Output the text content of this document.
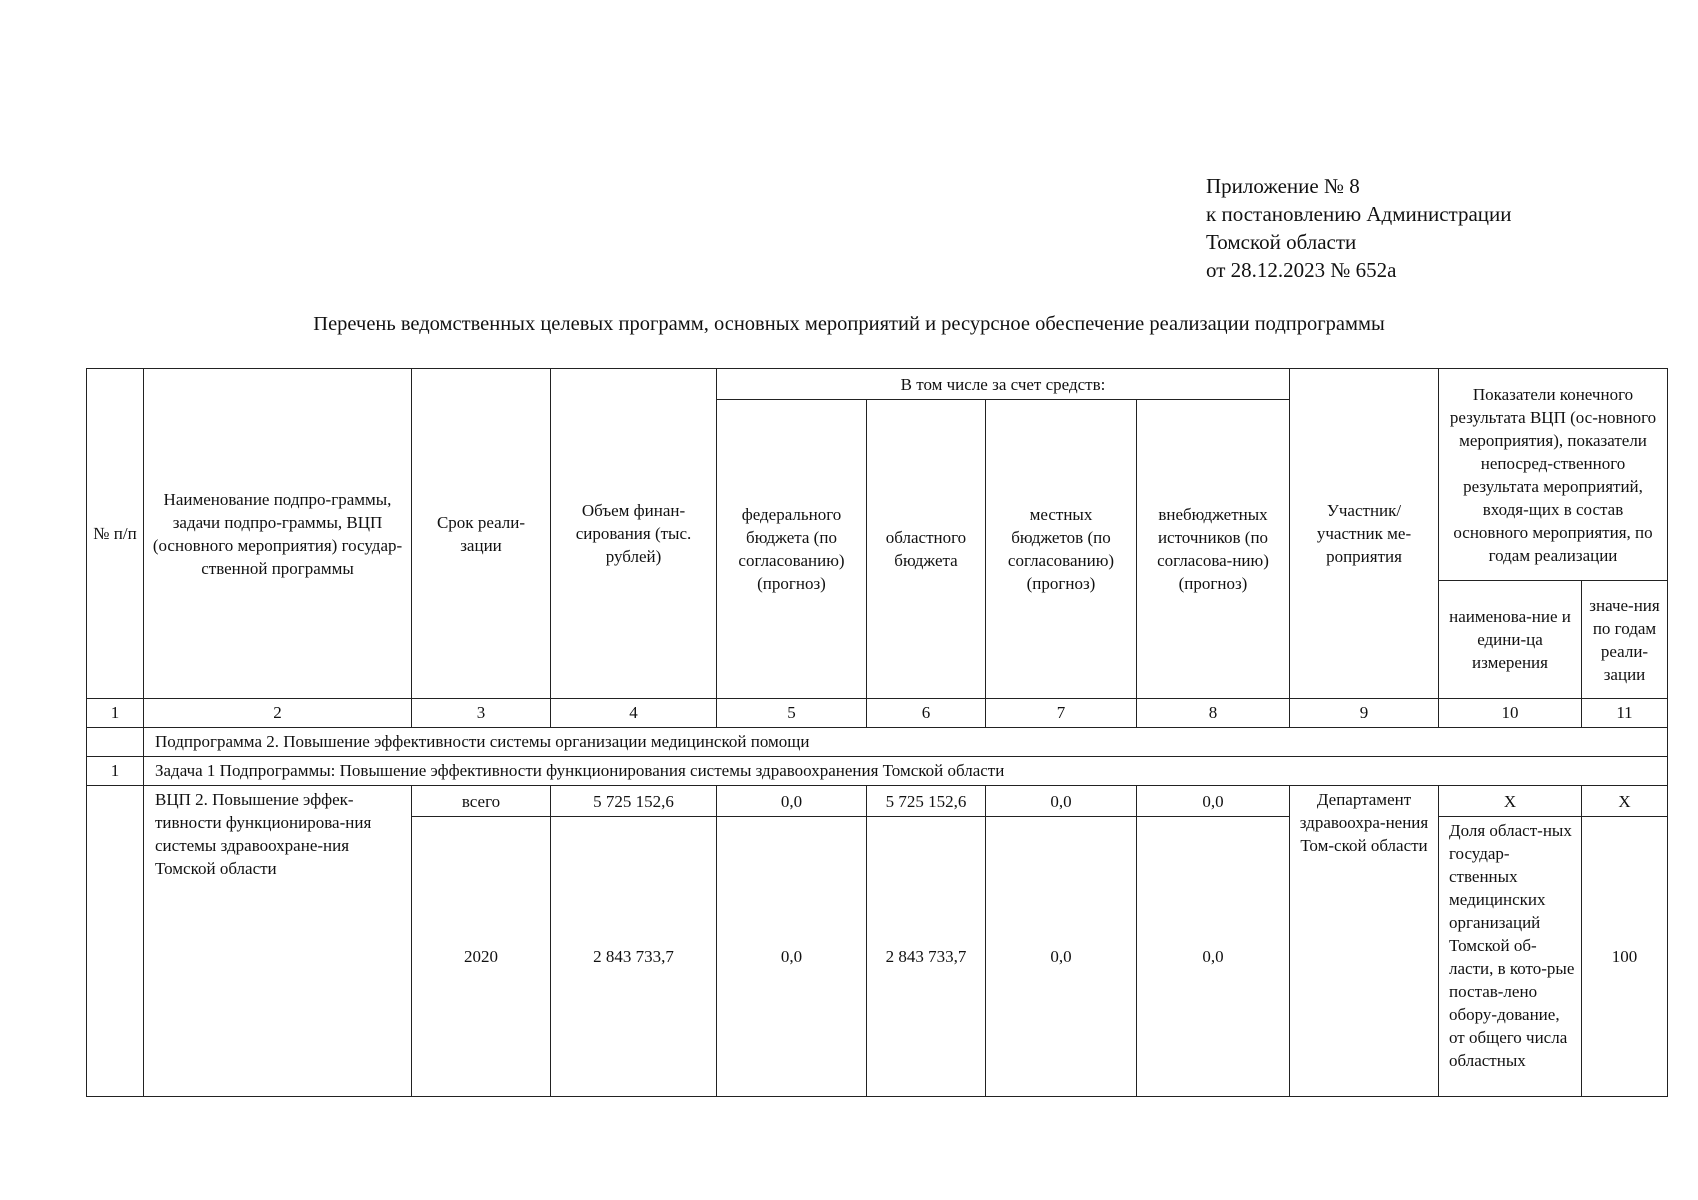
Приложение № 8
к постановлению Администрации
Томской области
от 28.12.2023 № 652а
Перечень ведомственных целевых программ, основных мероприятий и ресурсное обеспечение реализации подпрограммы
№ п/п	Наименование подпро-граммы, задачи подпро-граммы, ВЦП (основного мероприятия) государ-ственной программы	Срок реали-зации	Объем финан-сирования (тыс. рублей)	В том числе за счет средств:				Участник/ участник ме-роприятия	Показатели конечного результата ВЦП (ос-новного мероприятия), показатели непосред-ственного результата мероприятий, входя-щих в состав основного мероприятия, по годам реализации	
				федерального бюджета (по согласованию) (прогноз)	областного бюджета	местных бюджетов (по согласованию) (прогноз)	внебюджетных источников (по согласова-нию) (прогноз)			
									наименова-ние и едини-ца измерения	значе-ния по годам реали-зации
1	2	3	4	5	6	7	8	9	10	11
	Подпрограмма 2. Повышение эффективности системы организации медицинской помощи									
1	Задача 1 Подпрограммы: Повышение эффективности функционирования системы здравоохранения Томской области									
	ВЦП 2. Повышение эффек-тивности функционирова-ния системы здравоохране-ния Томской области	всего	5 725 152,6	0,0	5 725 152,6	0,0	0,0	Департамент здравоохра-нения Том-ской области	Х	Х
		2020	2 843 733,7	0,0	2 843 733,7	0,0	0,0		Доля област-ных государ-ственных медицинских организаций Томской об-ласти, в кото-рые постав-лено обору-дование, от общего числа областных	100
